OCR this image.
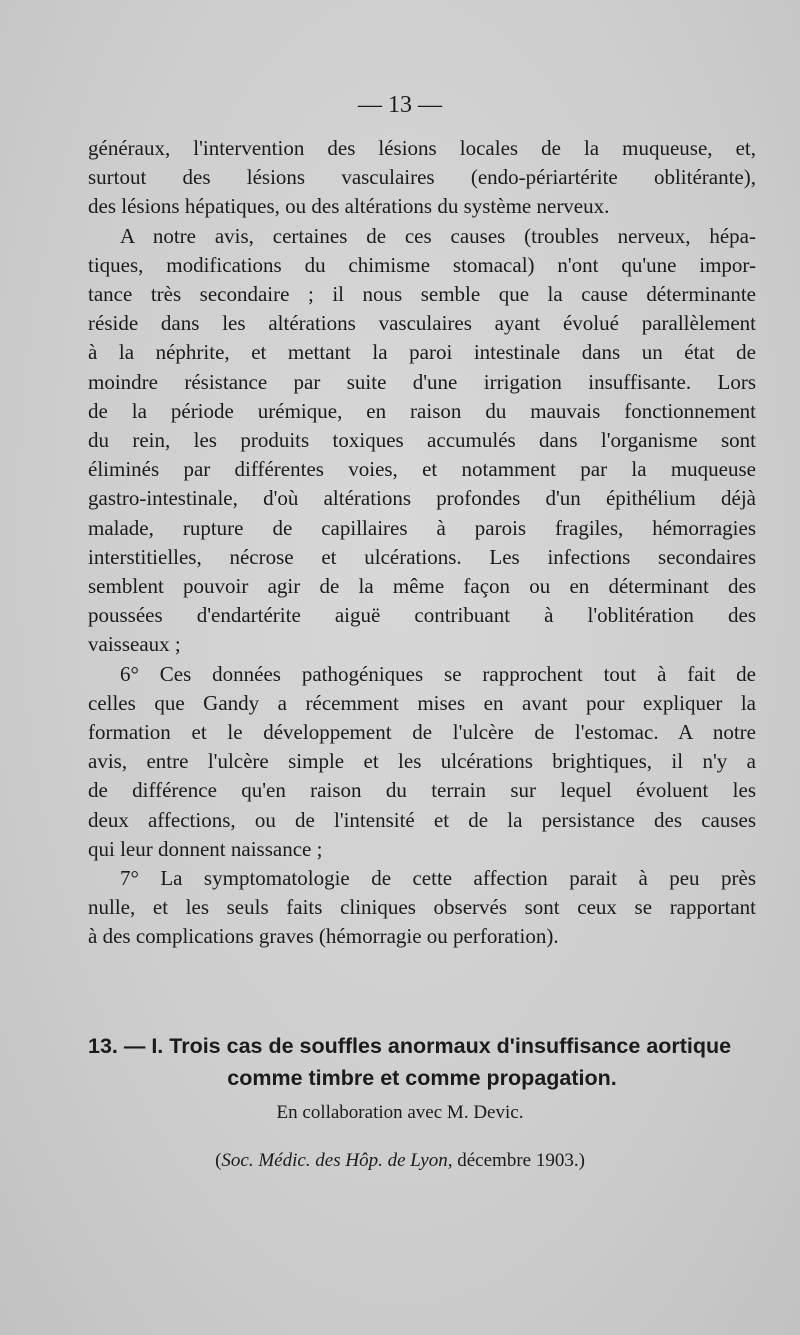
— 13 —
généraux, l'intervention des lésions locales de la muqueuse, et,
surtout des lésions vasculaires (endo-périartérite oblitérante),
des lésions hépatiques, ou des altérations du système nerveux.
A notre avis, certaines de ces causes (troubles nerveux, hépa-
tiques, modifications du chimisme stomacal) n'ont qu'une impor-
tance très secondaire ; il nous semble que la cause déterminante
réside dans les altérations vasculaires ayant évolué parallèlement
à la néphrite, et mettant la paroi intestinale dans un état de
moindre résistance par suite d'une irrigation insuffisante. Lors
de la période urémique, en raison du mauvais fonctionnement
du rein, les produits toxiques accumulés dans l'organisme sont
éliminés par différentes voies, et notamment par la muqueuse
gastro-intestinale, d'où altérations profondes d'un épithélium déjà
malade, rupture de capillaires à parois fragiles, hémorragies
interstitielles, nécrose et ulcérations. Les infections secondaires
semblent pouvoir agir de la même façon ou en déterminant des
poussées d'endartérite aiguë contribuant à l'oblitération des
vaisseaux ;
6° Ces données pathogéniques se rapprochent tout à fait de
celles que Gandy a récemment mises en avant pour expliquer la
formation et le développement de l'ulcère de l'estomac. A notre
avis, entre l'ulcère simple et les ulcérations brightiques, il n'y a
de différence qu'en raison du terrain sur lequel évoluent les
deux affections, ou de l'intensité et de la persistance des causes
qui leur donnent naissance ;
7° La symptomatologie de cette affection parait à peu près
nulle, et les seuls faits cliniques observés sont ceux se rapportant
à des complications graves (hémorragie ou perforation).
13. — I. Trois cas de souffles anormaux d'insuffisance aortique
comme timbre et comme propagation.
En collaboration avec M. Devic.
(Soc. Médic. des Hôp. de Lyon, décembre 1903.)
